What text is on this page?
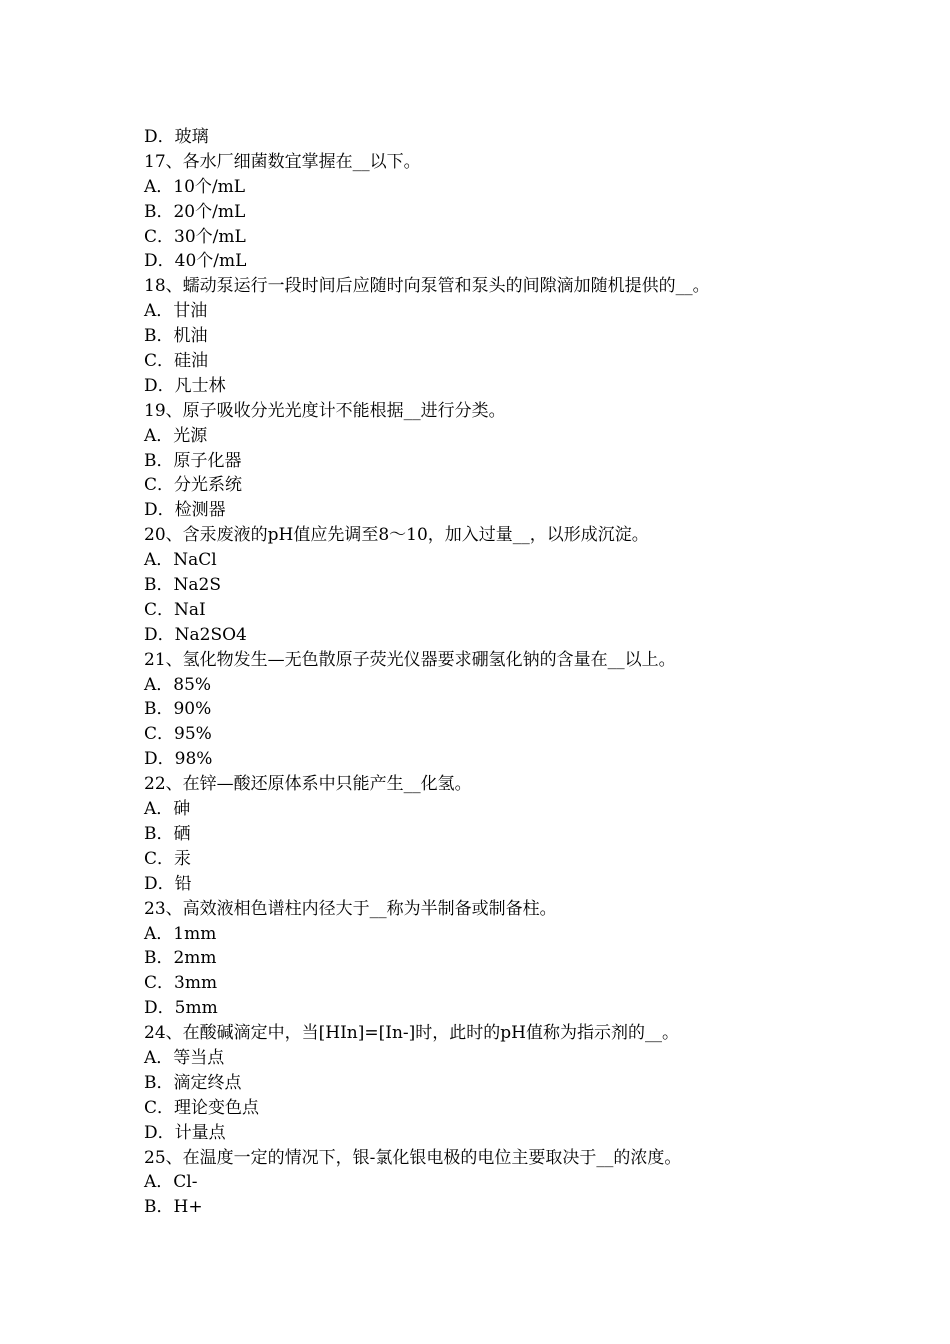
D．玻璃
17、各水厂细菌数宜掌握在__以下。
A．10个/mL
B．20个/mL
C．30个/mL
D．40个/mL
18、蠕动泵运行一段时间后应随时向泵管和泵头的间隙滴加随机提供的__。
A．甘油
B．机油
C．硅油
D．凡士林
19、原子吸收分光光度计不能根据__进行分类。
A．光源
B．原子化器
C．分光系统
D．检测器
20、含汞废液的pH值应先调至8～10，加入过量__，以形成沉淀。
A．NaCl
B．Na2S
C．NaI
D．Na2SO4
21、氢化物发生—无色散原子荧光仪器要求硼氢化钠的含量在__以上。
A．85%
B．90%
C．95%
D．98%
22、在锌—酸还原体系中只能产生__化氢。
A．砷
B．硒
C．汞
D．铅
23、高效液相色谱柱内径大于__称为半制备或制备柱。
A．1mm
B．2mm
C．3mm
D．5mm
24、在酸碱滴定中，当[HIn]=[In-]时，此时的pH值称为指示剂的__。
A．等当点
B．滴定终点
C．理论变色点
D．计量点
25、在温度一定的情况下，银-氯化银电极的电位主要取决于__的浓度。
A．Cl-
B．H+
